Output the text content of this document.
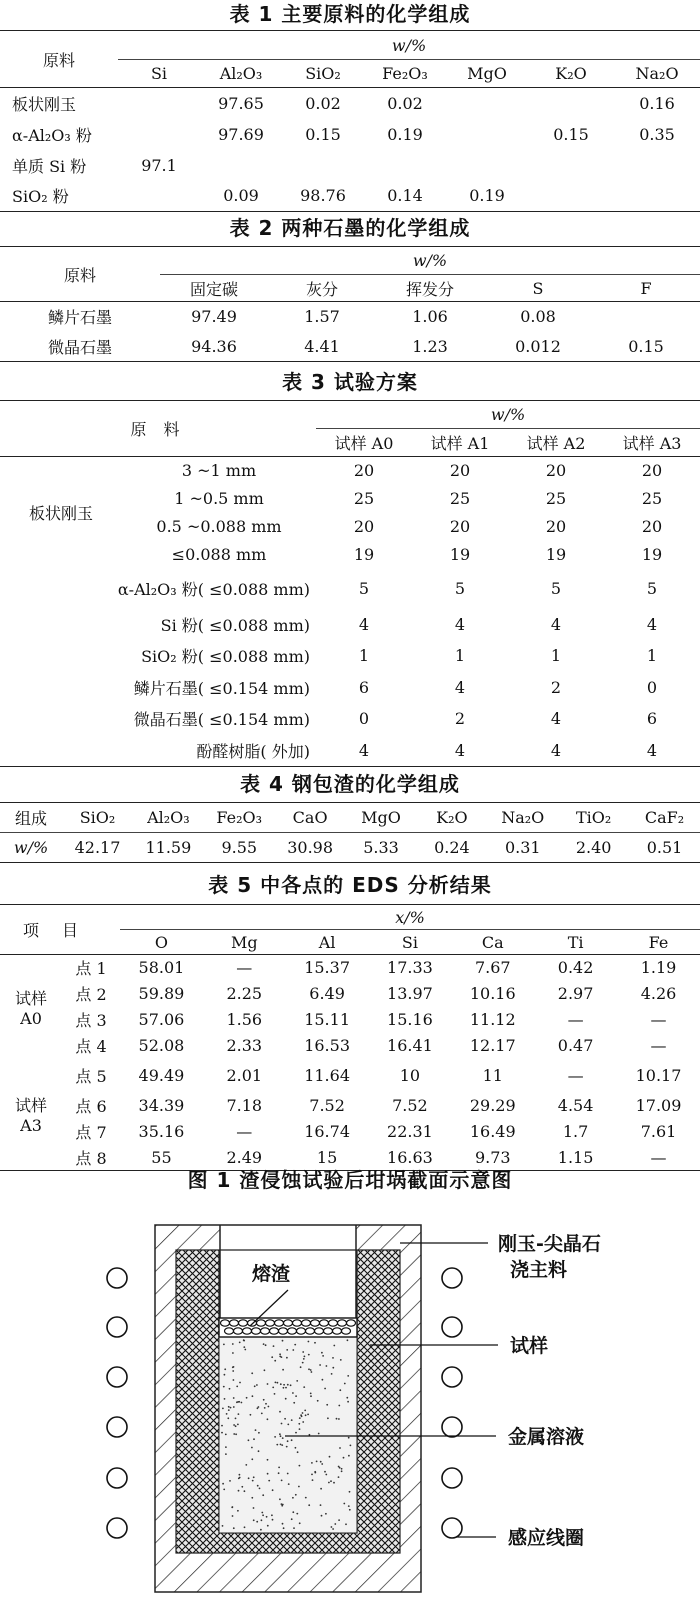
表 1 主要原料的化学组成
原料	w/%						
	Si	Al₂O₃	SiO₂	Fe₂O₃	MgO	K₂O	Na₂O
板状刚玉		97.65	0.02	0.02			0.16
α-Al₂O₃ 粉		97.69	0.15	0.19		0.15	0.35
单质 Si 粉	97.1						
SiO₂ 粉		0.09	98.76	0.14	0.19		
表 2 两种石墨的化学组成
原料	w/%				
	固定碳	灰分	挥发分	S	F
鳞片石墨	97.49	1.57	1.06	0.08	
微晶石墨	94.36	4.41	1.23	0.012	0.15
表 3 试验方案
原 料		w/%			
		试样 A0	试样 A1	试样 A2	试样 A3
板状刚玉	3 ~1 mm	20	20	20	20
	1 ~0.5 mm	25	25	25	25
	0.5 ~0.088 mm	20	20	20	20
	≤0.088 mm	19	19	19	19
α-Al₂O₃ 粉( ≤0.088 mm)		5	5	5	5
Si 粉( ≤0.088 mm)		4	4	4	4
SiO₂ 粉( ≤0.088 mm)		1	1	1	1
鳞片石墨( ≤0.154 mm)		6	4	2	0
微晶石墨( ≤0.154 mm)		0	2	4	6
酚醛树脂( 外加)		4	4	4	4
表 4 钢包渣的化学组成
组成	SiO₂	Al₂O₃	Fe₂O₃	CaO	MgO	K₂O	Na₂O	TiO₂	CaF₂
w/%	42.17	11.59	9.55	30.98	5.33	0.24	0.31	2.40	0.51
表 5 中各点的 EDS 分析结果
项	目	x/%						
		O	Mg	Al	Si	Ca	Ti	Fe

试样
A0	点 1	58.01	—	15.37	17.33	7.67	0.42	1.19
	点 2	59.89	2.25	6.49	13.97	10.16	2.97	4.26
	点 3	57.06	1.56	15.11	15.16	11.12	—	—
	点 4	52.08	2.33	16.53	16.41	12.17	0.47	—

试样
A3	点 5	49.49	2.01	11.64	10	11	—	10.17
	点 6	34.39	7.18	7.52	7.52	29.29	4.54	17.09
	点 7	35.16	—	16.74	22.31	16.49	1.7	7.61
	点 8	55	2.49	15	16.63	9.73	1.15	—
图 1 渣侵蚀试验后坩埚截面示意图
熔渣
刚玉-尖晶石
浇主料
试样
金属溶液
感应线圈
